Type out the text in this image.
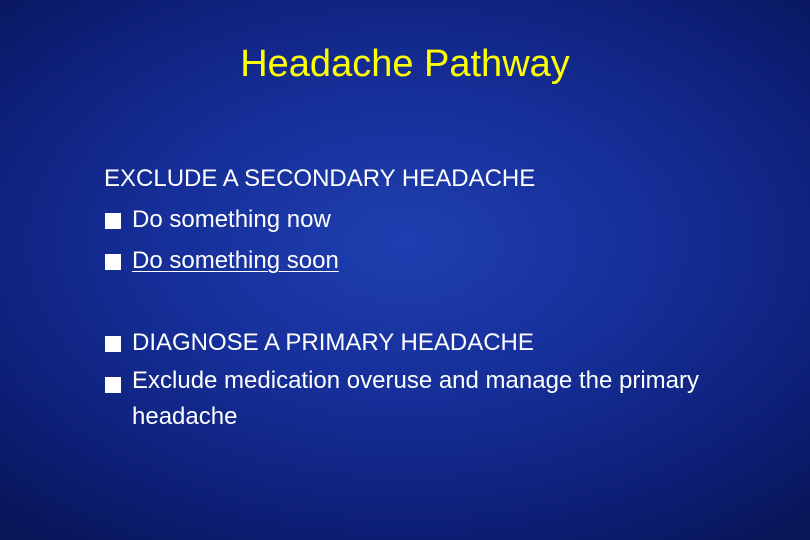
Headache Pathway
EXCLUDE A SECONDARY HEADACHE
Do something now
Do something soon
DIAGNOSE A PRIMARY HEADACHE
Exclude medication overuse and manage the primary headache
